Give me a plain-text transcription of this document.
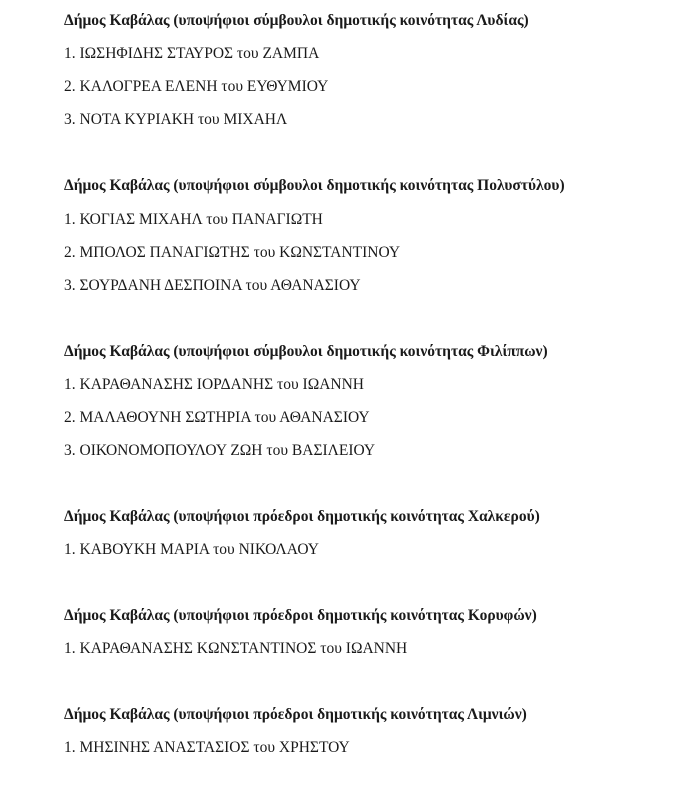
Δήμος Καβάλας (υποψήφιοι σύμβουλοι δημοτικής κοινότητας Λυδίας)

1. ΙΩΣΗΦΙΔΗΣ ΣΤΑΥΡΟΣ του ΖΑΜΠΑ

2. ΚΑΛΟΓΡΕΑ ΕΛΕΝΗ του ΕΥΘΥΜΙΟΥ

3. ΝΟΤΑ ΚΥΡΙΑΚΗ του ΜΙΧΑΗΛ

Δήμος Καβάλας (υποψήφιοι σύμβουλοι δημοτικής κοινότητας Πολυστύλου)

1. ΚΟΓΙΑΣ ΜΙΧΑΗΛ του ΠΑΝΑΓΙΩΤΗ

2. ΜΠΟΛΟΣ ΠΑΝΑΓΙΩΤΗΣ του ΚΩΝΣΤΑΝΤΙΝΟΥ

3. ΣΟΥΡΔΑΝΗ ΔΕΣΠΟΙΝΑ του ΑΘΑΝΑΣΙΟΥ

Δήμος Καβάλας (υποψήφιοι σύμβουλοι δημοτικής κοινότητας Φιλίππων)

1. ΚΑΡΑΘΑΝΑΣΗΣ ΙΟΡΔΑΝΗΣ του ΙΩΑΝΝΗ

2. ΜΑΛΑΘΟΥΝΗ ΣΩΤΗΡΙΑ του ΑΘΑΝΑΣΙΟΥ

3. ΟΙΚΟΝΟΜΟΠΟΥΛΟΥ ΖΩΗ του ΒΑΣΙΛΕΙΟΥ

Δήμος Καβάλας (υποψήφιοι πρόεδροι δημοτικής κοινότητας Χαλκερού)

1. ΚΑΒΟΥΚΗ ΜΑΡΙΑ του ΝΙΚΟΛΑΟΥ

Δήμος Καβάλας (υποψήφιοι πρόεδροι δημοτικής κοινότητας Κορυφών)

1. ΚΑΡΑΘΑΝΑΣΗΣ ΚΩΝΣΤΑΝΤΙΝΟΣ του ΙΩΑΝΝΗ

Δήμος Καβάλας (υποψήφιοι πρόεδροι δημοτικής κοινότητας Λιμνιών)

1. ΜΗΣΙΝΗΣ ΑΝΑΣΤΑΣΙΟΣ του ΧΡΗΣΤΟΥ
